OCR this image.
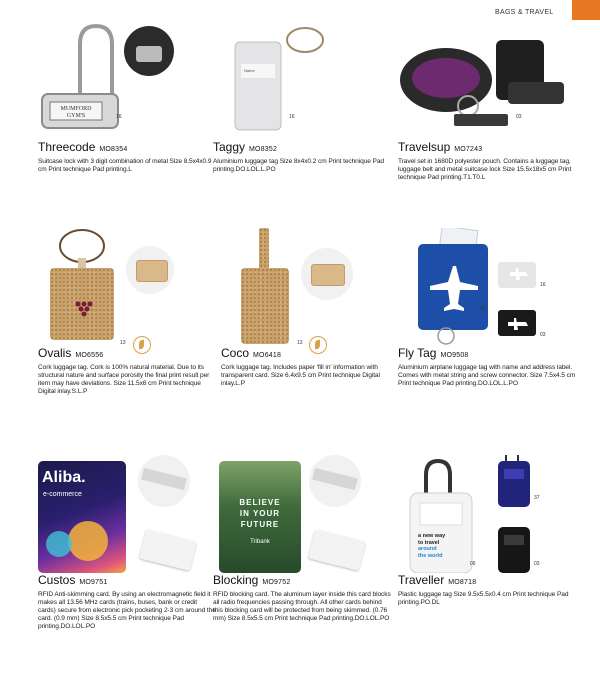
BAGS & TRAVEL
MUMFORD
GYM'S	16
Threecode MO8354

Suitcase lock with 3 digit combination of metal Size 8.5x4x0.9 cm Print technique Pad printing.L

Name
16
Taggy MO8352

Aluminium luggage tag Size 8x4x0.2 cm Print technique Pad printing.DO.LOL.L.PO

03
Travelsup MO7243

Travel set in 1680D polyester pouch. Contains a luggage tag, luggage belt and metal suitcase lock Size 15.5x18x5 cm Print technique Pad printing.T1.T0.L

13
Ovalis MO6556

Cork luggage tag. Cork is 100% natural material. Due to its structural nature and surface porosity the final print result per item may have deviations. Size 11.5x6 cm Print technique Digital inlay.S.L.P

13
Coco MO6418

Cork luggage tag. Includes paper 'fill in' information with transparent card. Size 6.4x9.5 cm Print technique Digital inlay.L.P

37
16
03
Fly Tag MO9508

Aluminium airplane luggage tag with name and address label. Comes with metal string and screw connector. Size 7.5x4.5 cm Print technique Pad printing.DO.LOL.L.PO

Aliba.
e-commerce
Custos MO9751

RFID Anti-skimming card. By using an electromagnetic field it makes all 13.56 MHz cards (trains, buses, bank or credit cards) secure from electronic pick pocketing 2-3 cm around the card. (0.9 mm) Size 8.5x5.5 cm Print technique Pad printing.DO.LOL.PO

BELIEVE
IN YOUR
FUTURE
Tribank
Blocking MO9752

RFID blocking card. The aluminum layer inside this card blocks all radio frequencies passing through. All other cards behind this blocking card will be protected from being skimmed. (0.76 mm) Size 8.5x5.5 cm Print technique Pad printing.DO.LOL.PO

a new way
to travel
around
the world
06
37
03
Traveller MO8718

Plastic luggage tag Size 9.5x5.5x0.4 cm Print technique Pad printing.PO.DL
